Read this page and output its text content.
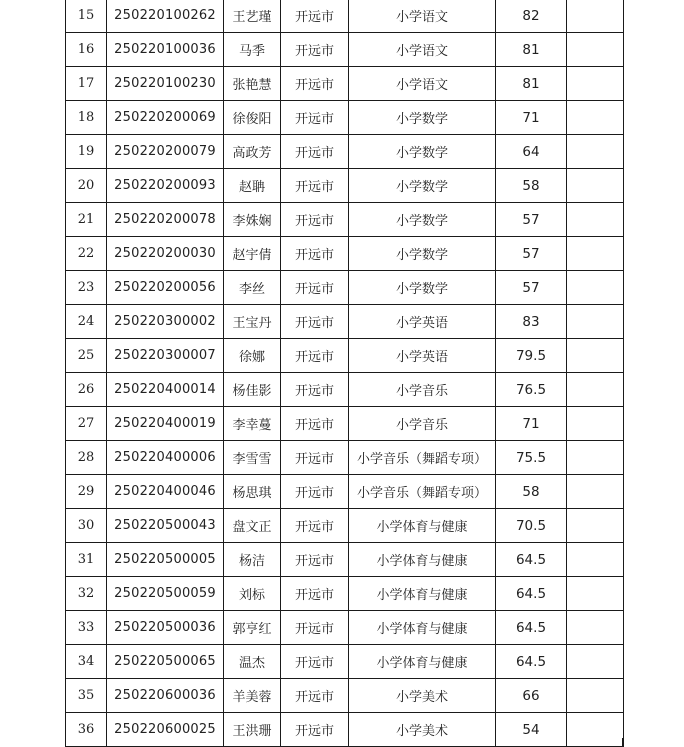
15	250220100262	王艺瑾	开远市	小学语文	82	
16	250220100036	马季	开远市	小学语文	81	
17	250220100230	张艳慧	开远市	小学语文	81	
18	250220200069	徐俊阳	开远市	小学数学	71	
19	250220200079	高政芳	开远市	小学数学	64	
20	250220200093	赵聃	开远市	小学数学	58	
21	250220200078	李姝娴	开远市	小学数学	57	
22	250220200030	赵宇倩	开远市	小学数学	57	
23	250220200056	李丝	开远市	小学数学	57	
24	250220300002	王宝丹	开远市	小学英语	83	
25	250220300007	徐娜	开远市	小学英语	79.5	
26	250220400014	杨佳影	开远市	小学音乐	76.5	
27	250220400019	李幸蔓	开远市	小学音乐	71	
28	250220400006	李雪雪	开远市	小学音乐（舞蹈专项）	75.5	
29	250220400046	杨思琪	开远市	小学音乐（舞蹈专项）	58	
30	250220500043	盘文正	开远市	小学体育与健康	70.5	
31	250220500005	杨洁	开远市	小学体育与健康	64.5	
32	250220500059	刘标	开远市	小学体育与健康	64.5	
33	250220500036	郭亨红	开远市	小学体育与健康	64.5	
34	250220500065	温杰	开远市	小学体育与健康	64.5	
35	250220600036	羊美蓉	开远市	小学美术	66	
36	250220600025	王洪珊	开远市	小学美术	54	
